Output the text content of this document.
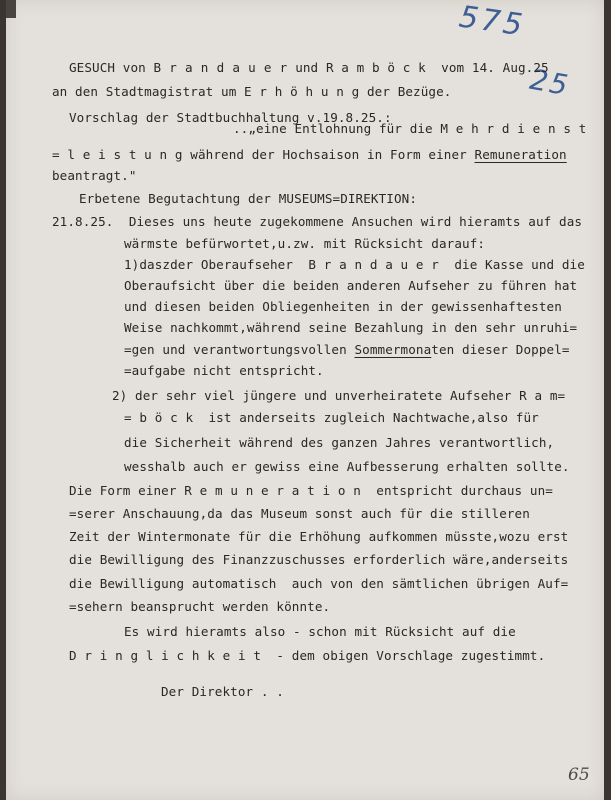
575
25
GESUCH von B r a n d a u e r und R a m b ö c k  vom 14. Aug.25
an den Stadtmagistrat um E r h ö h u n g der Bezüge.
Vorschlag der Stadtbuchhaltung v.19.8.25.:
..„eine Entlohnung für die M e h r d i e n s t
= l e i s t u n g während der Hochsaison in Form einer Remuneration
beantragt."
Erbetene Begutachtung der MUSEUMS=DIREKTION:
21.8.25.  Dieses uns heute zugekommene Ansuchen wird hieramts auf das
wärmste befürwortet,u.zw. mit Rücksicht darauf:
1)daszder Oberaufseher  B r a n d a u e r  die Kasse und die
Oberaufsicht über die beiden anderen Aufseher zu führen hat
und diesen beiden Obliegenheiten in der gewissenhaftesten
Weise nachkommt,während seine Bezahlung in den sehr unruhi=
=gen und verantwortungsvollen Sommermonaten dieser Doppel=
=aufgabe nicht entspricht.
2) der sehr viel jüngere und unverheiratete Aufseher R a m=
= b ö c k  ist anderseits zugleich Nachtwache,also für
die Sicherheit während des ganzen Jahres verantwortlich,
wesshalb auch er gewiss eine Aufbesserung erhalten sollte.
Die Form einer R e m u n e r a t i o n  entspricht durchaus un=
=serer Anschauung,da das Museum sonst auch für die stilleren
Zeit der Wintermonate für die Erhöhung aufkommen müsste,wozu erst
die Bewilligung des Finanzzuschusses erforderlich wäre,anderseits
die Bewilligung automatisch  auch von den sämtlichen übrigen Auf=
=sehern beansprucht werden könnte.
Es wird hieramts also - schon mit Rücksicht auf die
D r i n g l i c h k e i t  - dem obigen Vorschlage zugestimmt.
Der Direktor . .
65
